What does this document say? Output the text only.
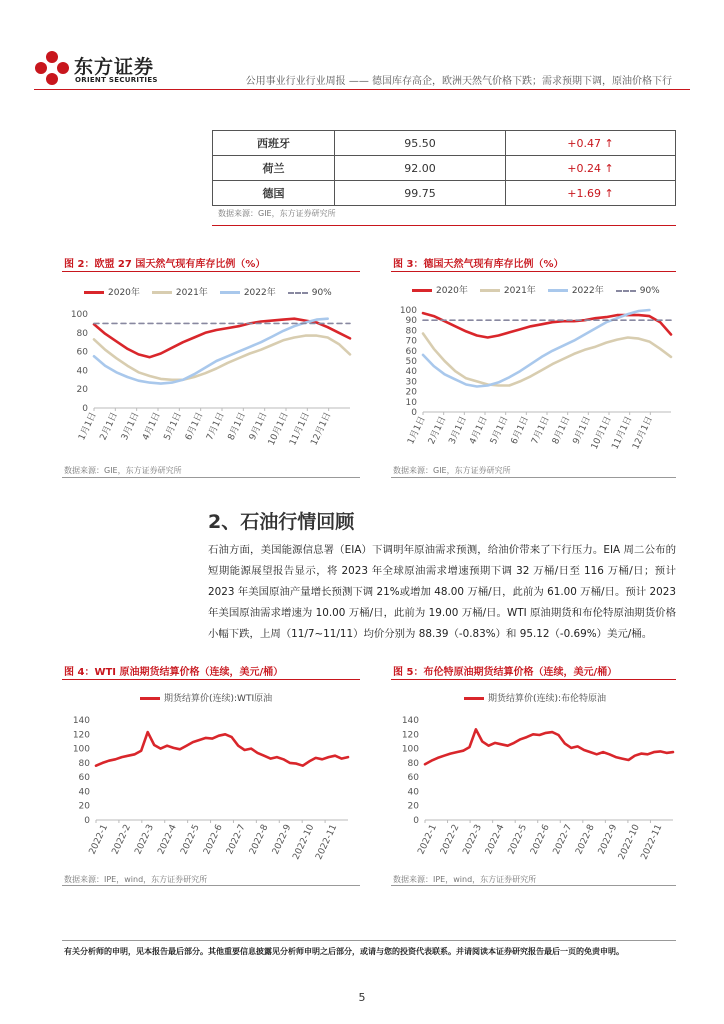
东方证券
ORIENT SECURITIES	公用事业行业行业周报 —— 德国库存高企，欧洲天然气价格下跌；需求预期下调，原油价格下行
西班牙	95.50	+0.47 ↑
荷兰	92.00	+0.24 ↑
德国	99.75	+1.69 ↑
数据来源：GIE，东方证券研究所
图 2：欧盟 27 国天然气现有库存比例（%）
2020年	2021年	2022年	90%
0
20
40
60
80
100
1月1日 2月1日 3月1日 4月1日 5月1日 6月1日 7月1日 8月1日 9月1日
10月1日
11月1日
12月1日
数据来源：GIE，东方证券研究所
图 3：德国天然气现有库存比例（%）
2020年	2021年	2022年	90%
0
10
20
30
40
50
60
70
80
90
100
1月1日 2月1日 3月1日 4月1日 5月1日 6月1日 7月1日 8月1日 9月1日
10月1日
11月1日
12月1日
数据来源：GIE，东方证券研究所
2、石油行情回顾
石油方面，美国能源信息署（EIA）下调明年原油需求预测，给油价带来了下行压力。EIA 周二公布的短期能源展望报告显示，将 2023 年全球原油需求增速预期下调 32 万桶/日至 116 万桶/日；预计 2023 年美国原油产量增长预测下调 21%或增加 48.00 万桶/日，此前为 61.00 万桶/日。预计 2023 年美国原油需求增速为 10.00 万桶/日，此前为 19.00 万桶/日。WTI 原油期货和布伦特原油期货价格小幅下跌，上周（11/7~11/11）均价分别为 88.39（-0.83%）和 95.12（-0.69%）美元/桶。
图 4：WTI 原油期货结算价格（连续，美元/桶）
期货结算价(连续):WTI原油
0
20
40
60
80
100
120
140
2022-1 2022-2 2022-3 2022-4 2022-5 2022-6 2022-7 2022-8 2022-9
2022-10
2022-11
数据来源：IPE，wind，东方证券研究所
图 5：布伦特原油期货结算价格（连续，美元/桶）
期货结算价(连续):布伦特原油
0
20
40
60
80
100
120
140
2022-1 2022-2 2022-3 2022-4 2022-5 2022-6 2022-7 2022-8 2022-9
2022-10
2022-11
数据来源：IPE，wind，东方证券研究所
有关分析师的申明，见本报告最后部分。其他重要信息披露见分析师申明之后部分，或请与您的投资代表联系。并请阅读本证券研究报告最后一页的免责申明。
5
